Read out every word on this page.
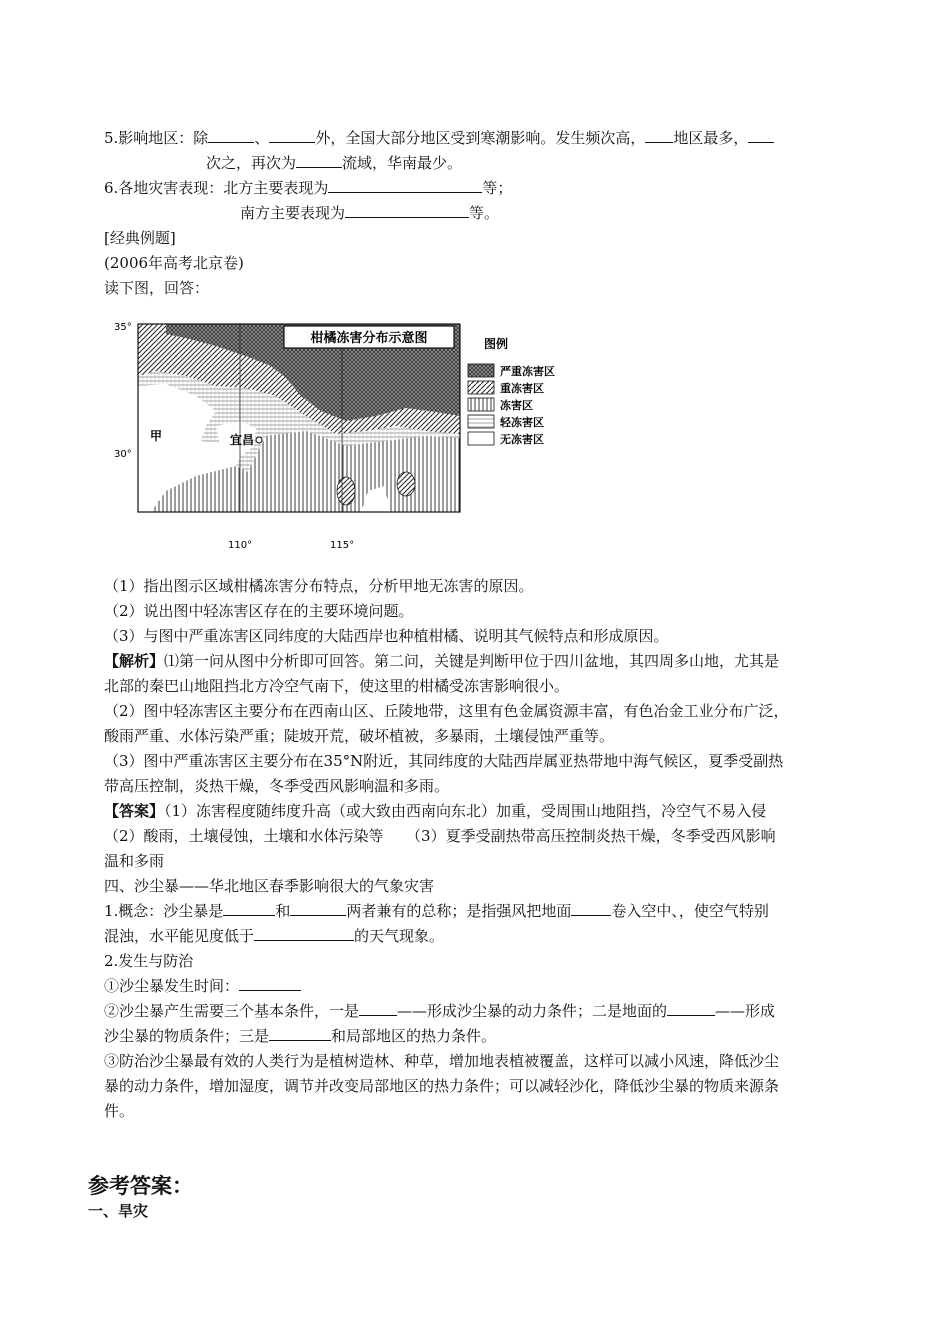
5.影响地区：除	、	外，全国大部分地区受到寒潮影响。发生频次高， 地区最多，
次之，再次为	流域，华南最少。
6.各地灾害表现：北方主要表现为	等；
南方主要表现为	等。
[经典例题]
(2006年高考北京卷)
读下图，回答：
柑橘冻害分布示意图
35°
30°
110°	115°
甲	宜昌
图例
严重冻害区
重冻害区
冻害区
轻冻害区
无冻害区
（1）指出图示区域柑橘冻害分布特点，分析甲地无冻害的原因。
（2）说出图中轻冻害区存在的主要环境问题。
（3）与图中严重冻害区同纬度的大陆西岸也种植柑橘、说明其气候特点和形成原因。
【解析】⑴第一问从图中分析即可回答。第二问，关键是判断甲位于四川盆地，其四周多山地，尤其是
北部的秦巴山地阻挡北方冷空气南下，使这里的柑橘受冻害影响很小。
（2）图中轻冻害区主要分布在西南山区、丘陵地带，这里有色金属资源丰富，有色冶金工业分布广泛，
酸雨严重、水体污染严重；陡坡开荒，破坏植被，多暴雨，土壤侵蚀严重等。
（3）图中严重冻害区主要分布在35°N附近，其同纬度的大陆西岸属亚热带地中海气候区，夏季受副热
带高压控制，炎热干燥，冬季受西风影响温和多雨。
【答案】（1）冻害程度随纬度升高（或大致由西南向东北）加重，受周围山地阻挡，冷空气不易入侵
（2）酸雨，土壤侵蚀，土壤和水体污染等　　（3）夏季受副热带高压控制炎热干燥，冬季受西风影响
温和多雨
四、沙尘暴——华北地区春季影响很大的气象灾害
1.概念：沙尘暴是	和	两者兼有的总称；是指强风把地面	卷入空中、，使空气特别
混浊，水平能见度低于	的天气现象。
2.发生与防治
①沙尘暴发生时间：
②沙尘暴产生需要三个基本条件，一是	——形成沙尘暴的动力条件；二是地面的	——形成
沙尘暴的物质条件；三是	和局部地区的热力条件。
③防治沙尘暴最有效的人类行为是植树造林、种草，增加地表植被覆盖，这样可以减小风速，降低沙尘
暴的动力条件，增加湿度，调节并改变局部地区的热力条件；可以减轻沙化，降低沙尘暴的物质来源条
件。
参考答案：
一、旱灾
